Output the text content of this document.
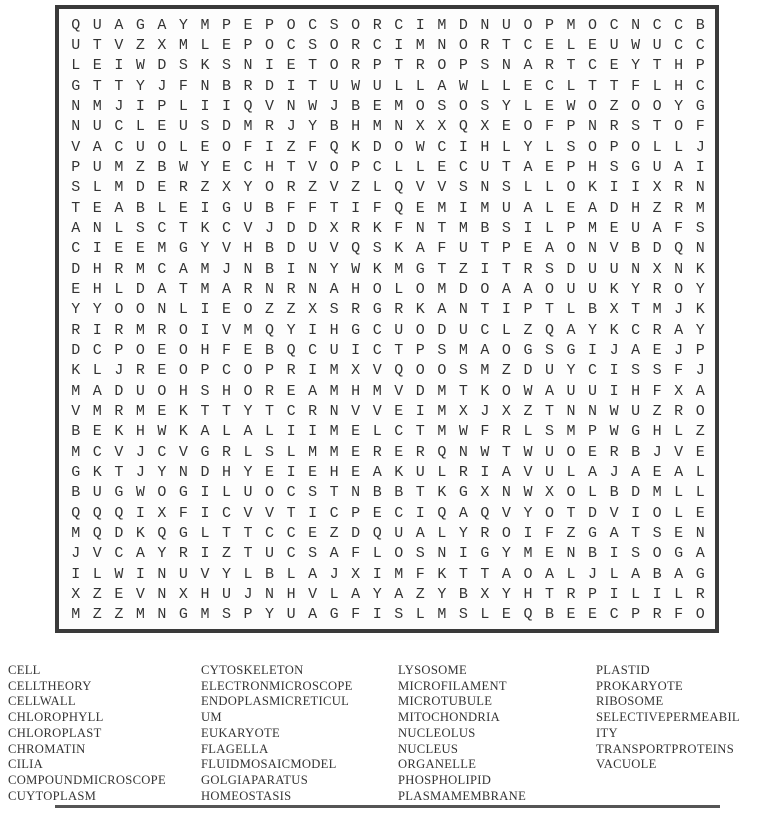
Q U A G A Y M P E P O C S O R C I M D N U O P M O C N C C B
U T V Z X M L E P O C S O R C I M N O R T C E L E U W U C C
L E I W D S K S N I E T O R P T R O P S N A R T C E Y T H P
G T T Y J F N B R D I T U W U L L A W L L E C L T T F L H C
N M J I P L I I Q V N W J B E M O S O S Y L E W O Z O O Y G
N U C L E U S D M R J Y B H M N X X Q X E O F P N R S T O F
V A C U O L E O F I Z F Q K D O W C I H L Y L S O P O L L J
P U M Z B W Y E C H T V O P C L L E C U T A E P H S G U A I
S L M D E R Z X Y O R Z V Z L Q V V S N S L L O K I I X R N
T E A B L E I G U B F F T I F Q E M I M U A L E A D H Z R M
A N L S C T K C V J D D X R K F N T M B S I L P M E U A F S
C I E E M G Y V H B D U V Q S K A F U T P E A O N V B D Q N
D H R M C A M J N B I N Y W K M G T Z I T R S D U U N X N K
E H L D A T M A R N R N A H O L O M D O A A O U U K Y R O Y
Y Y O O N L I E O Z Z X S R G R K A N T I P T L B X T M J K
R I R M R O I V M Q Y I H G C U O D U C L Z Q A Y K C R A Y
D C P O E O H F E B Q C U I C T P S M A O G S G I J A E J P
K L J R E O P C O P R I M X V Q O O S M Z D U Y C I S S F J
M A D U O H S H O R E A M H M V D M T K O W A U U I H F X A
V M R M E K T T Y T C R N V V E I M X J X Z T N N W U Z R O
B E K H W K A L A L I I M E L C T M W F R L S M P W G H L Z
M C V J C V G R L S L M M E R E R Q N W T W U O E R B J V E
G K T J Y N D H Y E I E H E A K U L R I A V U L A J A E A L
B U G W O G I L U O C S T N B B T K G X N W X O L B D M L L
Q Q Q I X F I C V V T I C P E C I Q A Q V Y O T D V I O L E
M Q D K Q G L T T C C E Z D Q U A L Y R O I F Z G A T S E N
J V C A Y R I Z T U C S A F L O S N I G Y M E N B I S O G A
I L W I N U V Y L B L A J X I M F K T T A O A L J L A B A G
X Z E V N X H U J N H V L A Y A Z Y B X Y H T R P I L I L R
M Z Z M N G M S P Y U A G F I S L M S L E Q B E E C P R F O
CELL
CELLTHEORY
CELLWALL
CHLOROPHYLL
CHLOROPLAST
CHROMATIN
CILIA
COMPOUNDMICROSCOPE
CUYTOPLASM
CYTOSKELETON
ELECTRONMICROSCOPE
ENDOPLASMICRETICUL
UM
EUKARYOTE
FLAGELLA
FLUIDMOSAICMODEL
GOLGIAPARATUS
HOMEOSTASIS
LYSOSOME
MICROFILAMENT
MICROTUBULE
MITOCHONDRIA
NUCLEOLUS
NUCLEUS
ORGANELLE
PHOSPHOLIPID
PLASMAMEMBRANE
PLASTID
PROKARYOTE
RIBOSOME
SELECTIVEPERMEABIL
ITY
TRANSPORTPROTEINS
VACUOLE
